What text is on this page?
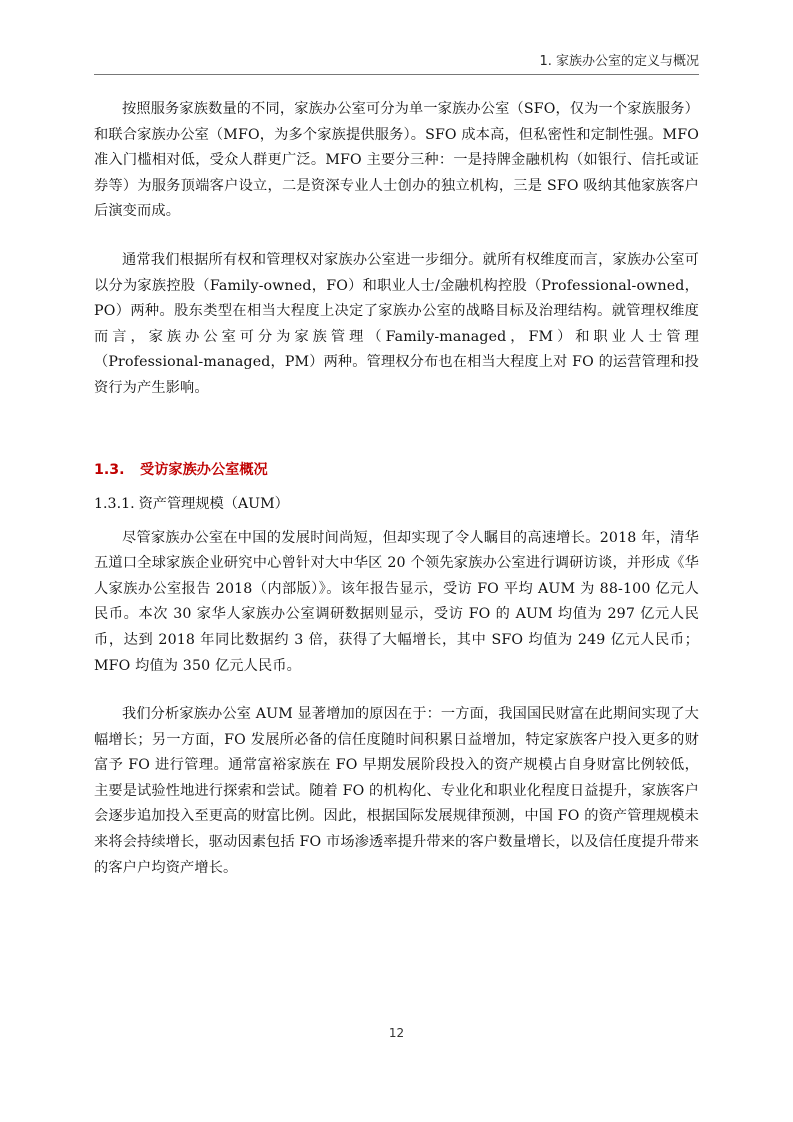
1. 家族办公室的定义与概况

按照服务家族数量的不同，家族办公室可分为单一家族办公室（SFO，仅为一个家族服务）和联合家族办公室（MFO，为多个家族提供服务）。SFO 成本高，但私密性和定制性强。MFO 准入门槛相对低，受众人群更广泛。MFO 主要分三种：一是持牌金融机构（如银行、信托或证券等）为服务顶端客户设立，二是资深专业人士创办的独立机构，三是 SFO 吸纳其他家族客户后演变而成。

通常我们根据所有权和管理权对家族办公室进一步细分。就所有权维度而言，家族办公室可以分为家族控股（Family-owned，FO）和职业人士/金融机构控股（Professional-owned，PO）两种。股东类型在相当大程度上决定了家族办公室的战略目标及治理结构。就管理权维度而言，家族办公室可分为家族管理（Family-managed，FM）和职业人士管理（Professional-managed，PM）两种。管理权分布也在相当大程度上对 FO 的运营管理和投资行为产生影响。

1.3. 受访家族办公室概况
1.3.1. 资产管理规模（AUM）

尽管家族办公室在中国的发展时间尚短，但却实现了令人瞩目的高速增长。2018 年，清华五道口全球家族企业研究中心曾针对大中华区 20 个领先家族办公室进行调研访谈，并形成《华人家族办公室报告 2018（内部版）》。该年报告显示，受访 FO 平均 AUM 为 88-100 亿元人民币。本次 30 家华人家族办公室调研数据则显示，受访 FO 的 AUM 均值为 297 亿元人民币，达到 2018 年同比数据约 3 倍，获得了大幅增长，其中 SFO 均值为 249 亿元人民币；MFO 均值为 350 亿元人民币。

我们分析家族办公室 AUM 显著增加的原因在于：一方面，我国国民财富在此期间实现了大幅增长；另一方面，FO 发展所必备的信任度随时间积累日益增加，特定家族客户投入更多的财富予 FO 进行管理。通常富裕家族在 FO 早期发展阶段投入的资产规模占自身财富比例较低，主要是试验性地进行探索和尝试。随着 FO 的机构化、专业化和职业化程度日益提升，家族客户会逐步追加投入至更高的财富比例。因此，根据国际发展规律预测，中国 FO 的资产管理规模未来将会持续增长，驱动因素包括 FO 市场渗透率提升带来的客户数量增长，以及信任度提升带来的客户户均资产增长。

12
